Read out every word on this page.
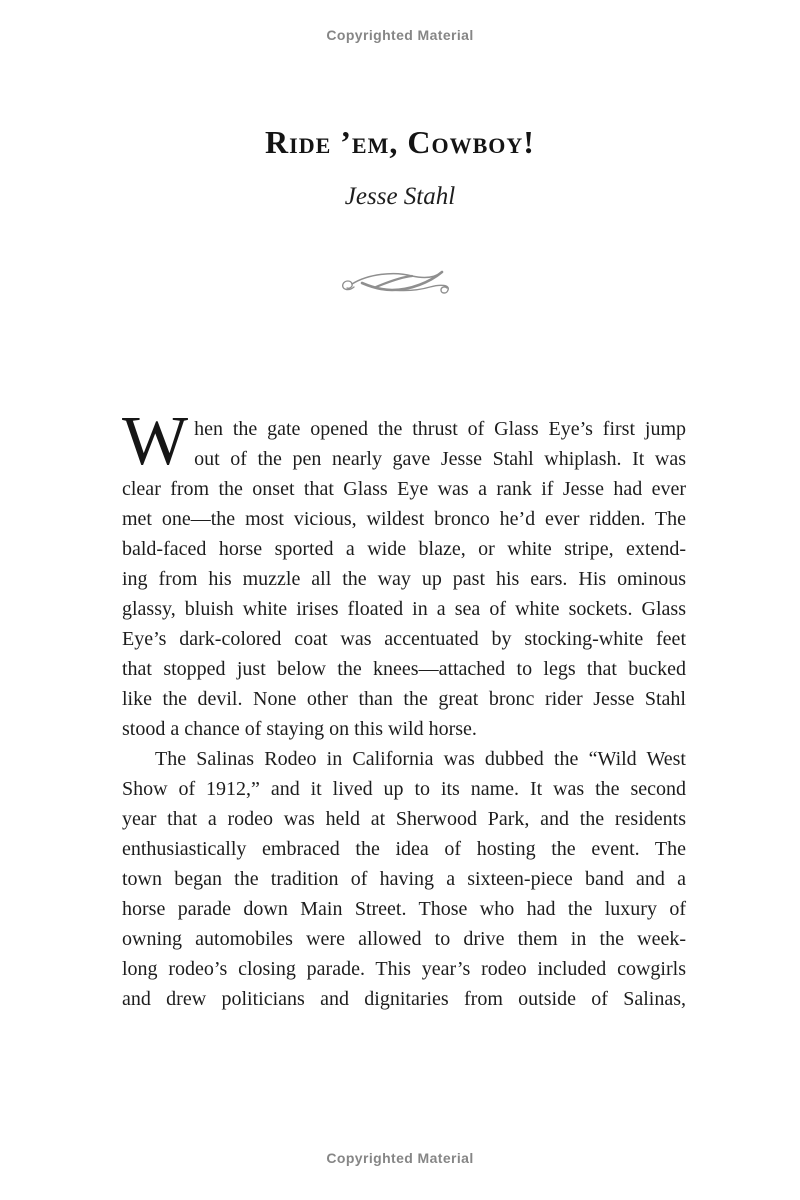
Copyrighted Material
Ride ’em, Cowboy!
Jesse Stahl
W hen the gate opened the thrust of Glass Eye’s first jump
out of the pen nearly gave Jesse Stahl whiplash. It was
clear from the onset that Glass Eye was a rank if Jesse had ever
met one—the most vicious, wildest bronco he’d ever ridden. The
bald-faced horse sported a wide blaze, or white stripe, extend-
ing from his muzzle all the way up past his ears. His ominous
glassy, bluish white irises floated in a sea of white sockets. Glass
Eye’s dark-colored coat was accentuated by stocking-white feet
that stopped just below the knees—attached to legs that bucked
like the devil. None other than the great bronc rider Jesse Stahl
stood a chance of staying on this wild horse.
The Salinas Rodeo in California was dubbed the “Wild West
Show of 1912,” and it lived up to its name. It was the second
year that a rodeo was held at Sherwood Park, and the residents
enthusiastically embraced the idea of hosting the event. The
town began the tradition of having a sixteen-piece band and a
horse parade down Main Street. Those who had the luxury of
owning automobiles were allowed to drive them in the week-
long rodeo’s closing parade. This year’s rodeo included cowgirls
and drew politicians and dignitaries from outside of Salinas,
Copyrighted Material
